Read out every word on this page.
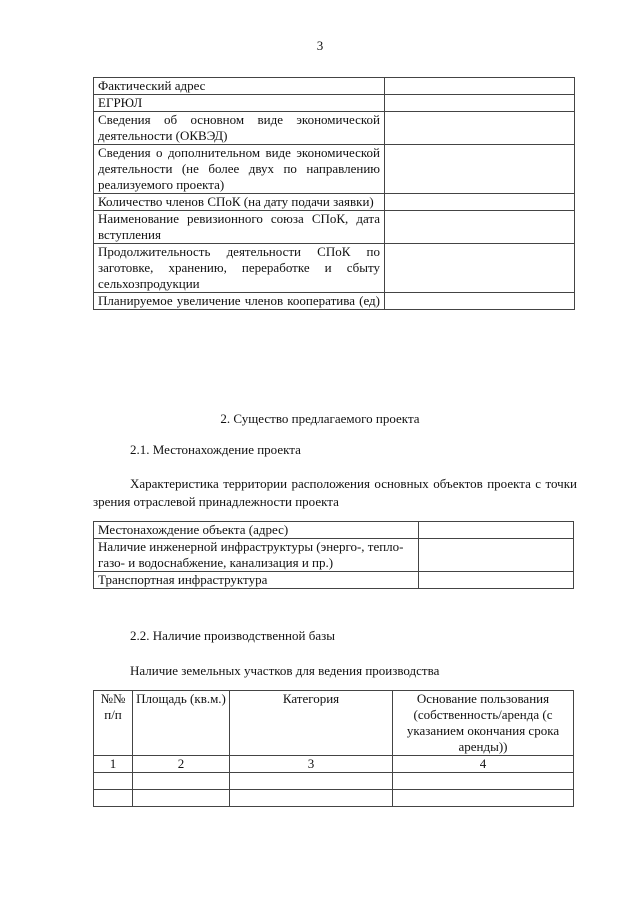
3
Фактический адрес	
ЕГРЮЛ	
Сведения об основном виде экономической деятельности (ОКВЭД)	
Сведения о дополнительном виде экономической деятельности (не более двух по направлению реализуемого проекта)	
Количество членов СПоК (на дату подачи заявки)	
Наименование ревизионного союза СПоК, дата вступления	
Продолжительность деятельности СПоК по заготовке, хранению, переработке и сбыту сельхозпродукции	
Планируемое увеличение членов кооператива (ед)	
2. Существо предлагаемого проекта
2.1. Местонахождение проекта
Характеристика территории расположения основных объектов проекта с точки зрения отраслевой принадлежности проекта
Местонахождение объекта (адрес)	
Наличие инженерной инфраструктуры (энерго-, тепло- газо- и водоснабжение, канализация и пр.)	
Транспортная инфраструктура	
2.2. Наличие производственной базы
Наличие земельных участков для ведения производства
№№ п/п	Площадь (кв.м.)	Категория	Основание пользования (собственность/аренда (с указанием окончания срока аренды))
1	2	3	4
